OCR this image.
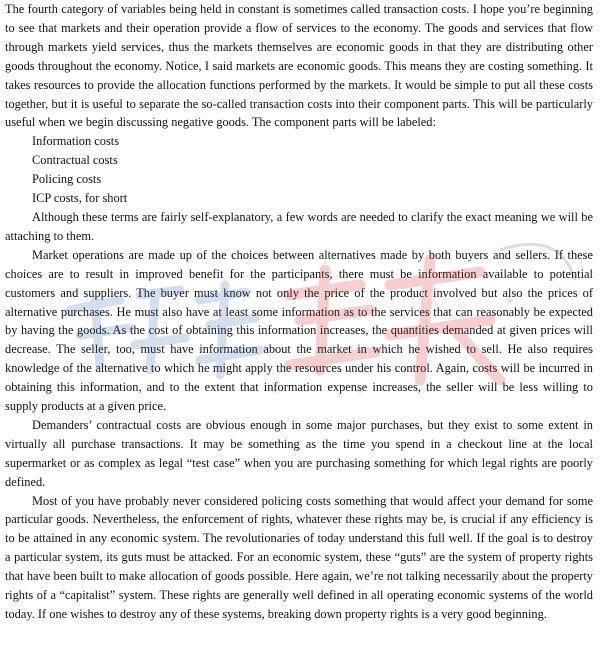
The fourth category of variables being held in constant is sometimes called transaction costs. I hope you’re beginning to see that markets and their operation provide a flow of services to the economy. The goods and services that flow through markets yield services, thus the markets themselves are economic goods in that they are distributing other goods throughout the economy. Notice, I said markets are economic goods. This means they are costing something. It takes resources to provide the allocation functions performed by the markets. It would be simple to put all these costs together, but it is useful to separate the so-called transaction costs into their component parts. This will be particularly useful when we begin discussing negative goods. The component parts will be labeled:

Information costs
Contractual costs
Policing costs
ICP costs, for short

Although these terms are fairly self-explanatory, a few words are needed to clarify the exact meaning we will be attaching to them.

Market operations are made up of the choices between alternatives made by both buyers and sellers. If these choices are to result in improved benefit for the participants, there must be information available to potential customers and suppliers. The buyer must know not only the price of the product involved but also the prices of alternative purchases. He must also have at least some information as to the services that can reasonably be expected by having the goods. As the cost of obtaining this information increases, the quantities demanded at given prices will decrease. The seller, too, must have information about the market in which he wished to sell. He also requires knowledge of the alternative to which he might apply the resources under his control. Again, costs will be incurred in obtaining this information, and to the extent that information expense increases, the seller will be less willing to supply products at a given price.

Demanders’ contractual costs are obvious enough in some major purchases, but they exist to some extent in virtually all purchase transactions. It may be something as the time you spend in a checkout line at the local supermarket or as complex as legal “test case” when you are purchasing something for which legal rights are poorly defined.

Most of you have probably never considered policing costs something that would affect your demand for some particular goods. Nevertheless, the enforcement of rights, whatever these rights may be, is crucial if any efficiency is to be attained in any economic system. The revolutionaries of today understand this full well. If the goal is to destroy a particular system, its guts must be attacked. For an economic system, these “guts” are the system of property rights that have been built to make allocation of goods possible. Here again, we’re not talking necessarily about the property rights of a “capitalist” system. These rights are generally well defined in all operating economic systems of the world today. If one wishes to destroy any of these systems, breaking down property rights is a very good beginning.
